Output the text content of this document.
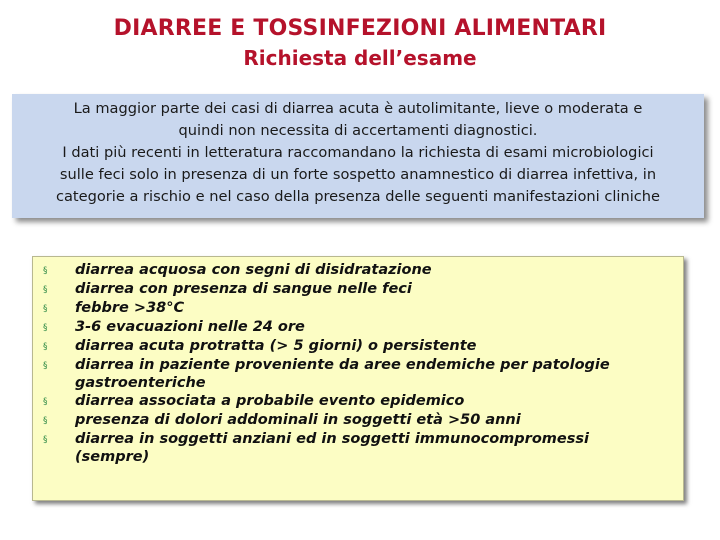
DIARREE E TOSSINFEZIONI ALIMENTARI
Richiesta dell’esame
La maggior parte dei casi di diarrea acuta è autolimitante, lieve o moderata e
quindi non necessita di accertamenti diagnostici.
I dati più recenti in letteratura raccomandano la richiesta di esami microbiologici
sulle feci solo in presenza di un forte sospetto anamnestico di diarrea infettiva, in
categorie a rischio e nel caso della presenza delle seguenti manifestazioni cliniche
§	diarrea acquosa con segni di disidratazione
§	diarrea con presenza di sangue nelle feci
§	febbre >38°C
§	3-6 evacuazioni nelle 24 ore
§	diarrea acuta protratta (> 5 giorni) o persistente
§	diarrea in paziente proveniente da aree endemiche per patologie
gastroenteriche
§	diarrea associata a probabile evento epidemico
§	presenza di dolori addominali in soggetti età >50 anni
§	diarrea in soggetti anziani ed in soggetti immunocompromessi
(sempre)
